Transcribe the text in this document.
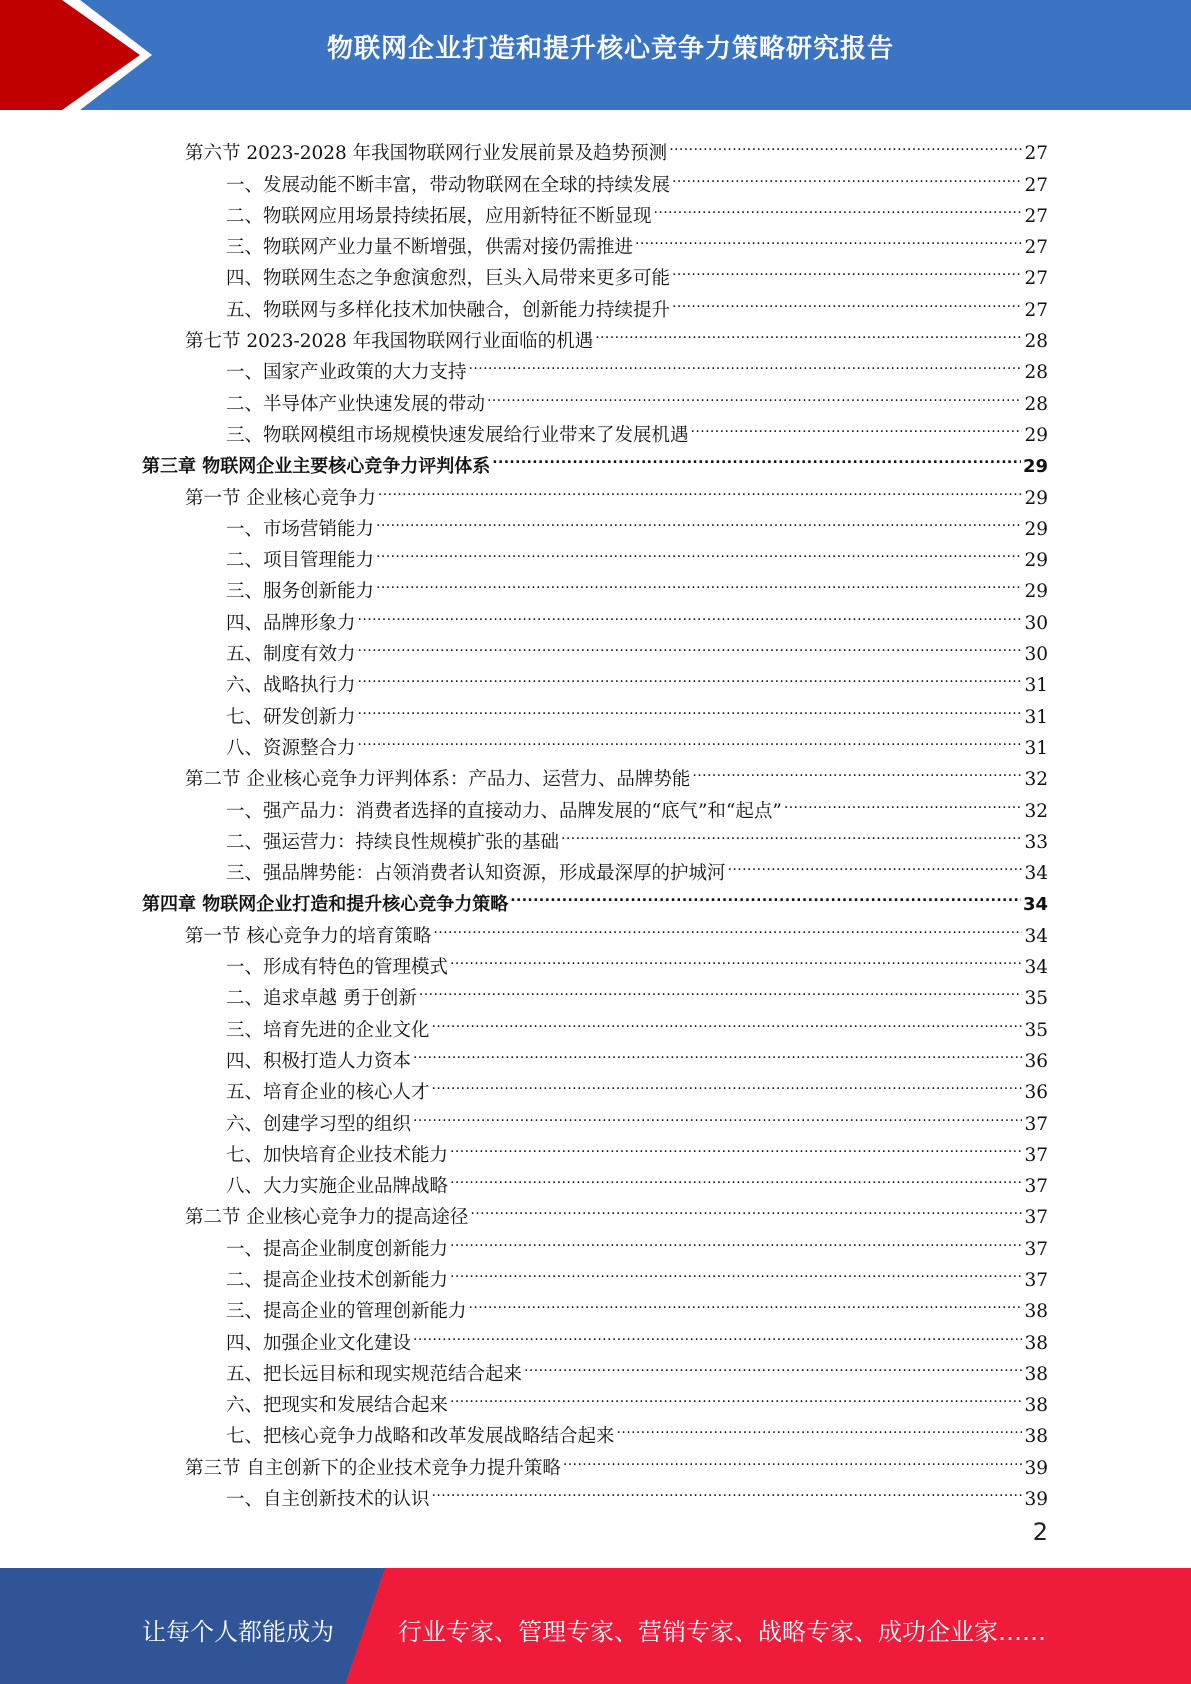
物联网企业打造和提升核心竞争力策略研究报告
第六节 2023-2028 年我国物联网行业发展前景及趋势预测 .....	27
一、发展动能不断丰富，带动物联网在全球的持续发展 .....	27
二、物联网应用场景持续拓展，应用新特征不断显现 .....	27
三、物联网产业力量不断增强，供需对接仍需推进 .....	27
四、物联网生态之争愈演愈烈，巨头入局带来更多可能 .....	27
五、物联网与多样化技术加快融合，创新能力持续提升 .....	27
第七节 2023-2028 年我国物联网行业面临的机遇 .....	28
一、国家产业政策的大力支持 .....	28
二、半导体产业快速发展的带动 .....	28
三、物联网模组市场规模快速发展给行业带来了发展机遇 .....	29
第三章 物联网企业主要核心竞争力评判体系 .....	29
第一节 企业核心竞争力 .....	29
一、市场营销能力 .....	29
二、项目管理能力 .....	29
三、服务创新能力 .....	29
四、品牌形象力 .....	30
五、制度有效力 .....	30
六、战略执行力 .....	31
七、研发创新力 .....	31
八、资源整合力 .....	31
第二节 企业核心竞争力评判体系：产品力、运营力、品牌势能 .....	32
一、强产品力：消费者选择的直接动力、品牌发展的“底气”和“起点” .....	32
二、强运营力：持续良性规模扩张的基础 .....	33
三、强品牌势能：占领消费者认知资源，形成最深厚的护城河 .....	34
第四章 物联网企业打造和提升核心竞争力策略 .....	34
第一节 核心竞争力的培育策略 .....	34
一、形成有特色的管理模式 .....	34
二、追求卓越 勇于创新 .....	35
三、培育先进的企业文化 .....	35
四、积极打造人力资本 .....	36
五、培育企业的核心人才 .....	36
六、创建学习型的组织 .....	37
七、加快培育企业技术能力 .....	37
八、大力实施企业品牌战略 .....	37
第二节 企业核心竞争力的提高途径 .....	37
一、提高企业制度创新能力 .....	37
二、提高企业技术创新能力 .....	37
三、提高企业的管理创新能力 .....	38
四、加强企业文化建设 .....	38
五、把长远目标和现实规范结合起来 .....	38
六、把现实和发展结合起来 .....	38
七、把核心竞争力战略和改革发展战略结合起来 .....	38
第三节 自主创新下的企业技术竞争力提升策略 .....	39
一、自主创新技术的认识 .....	39
2
让每个人都能成为	行业专家、管理专家、营销专家、战略专家、成功企业家……
